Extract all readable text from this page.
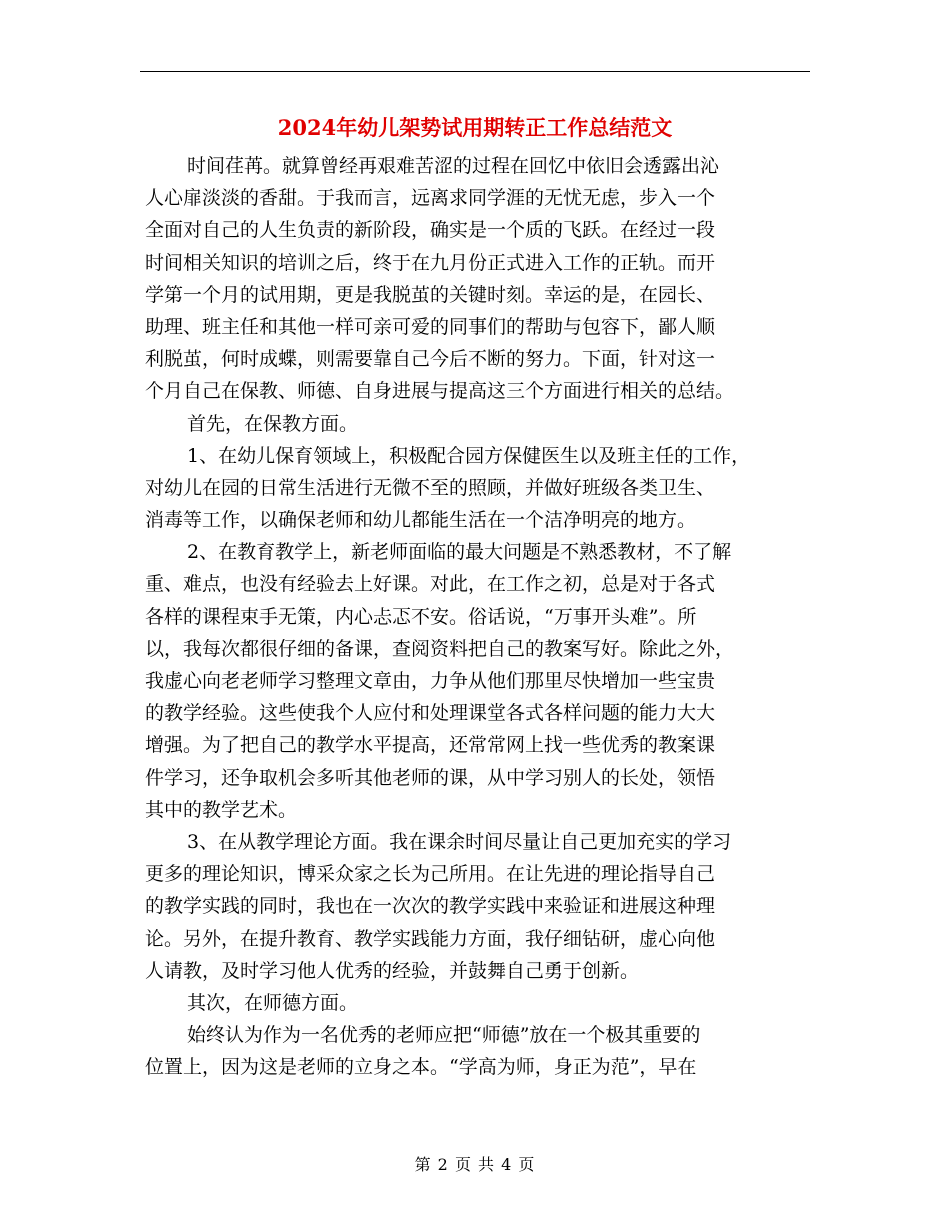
2024年幼儿架势试用期转正工作总结范文
时间荏苒。就算曾经再艰难苦涩的过程在回忆中依旧会透露出沁
人心扉淡淡的香甜。于我而言，远离求同学涯的无忧无虑，步入一个
全面对自己的人生负责的新阶段，确实是一个质的飞跃。在经过一段
时间相关知识的培训之后，终于在九月份正式进入工作的正轨。而开
学第一个月的试用期，更是我脱茧的关键时刻。幸运的是，在园长、
助理、班主任和其他一样可亲可爱的同事们的帮助与包容下，鄙人顺
利脱茧，何时成蝶，则需要靠自己今后不断的努力。下面，针对这一
个月自己在保教、师德、自身进展与提高这三个方面进行相关的总结。
首先，在保教方面。
1、在幼儿保育领域上，积极配合园方保健医生以及班主任的工作，
对幼儿在园的日常生活进行无微不至的照顾，并做好班级各类卫生、
消毒等工作，以确保老师和幼儿都能生活在一个洁净明亮的地方。
2、在教育教学上，新老师面临的最大问题是不熟悉教材，不了解
重、难点，也没有经验去上好课。对此，在工作之初，总是对于各式
各样的课程束手无策，内心忐忑不安。俗话说，“万事开头难”。所
以，我每次都很仔细的备课，查阅资料把自己的教案写好。除此之外，
我虚心向老老师学习整理文章由，力争从他们那里尽快增加一些宝贵
的教学经验。这些使我个人应付和处理课堂各式各样问题的能力大大
增强。为了把自己的教学水平提高，还常常网上找一些优秀的教案课
件学习，还争取机会多听其他老师的课，从中学习别人的长处，领悟
其中的教学艺术。
3、在从教学理论方面。我在课余时间尽量让自己更加充实的学习
更多的理论知识，博采众家之长为己所用。在让先进的理论指导自己
的教学实践的同时，我也在一次次的教学实践中来验证和进展这种理
论。另外，在提升教育、教学实践能力方面，我仔细钻研，虚心向他
人请教，及时学习他人优秀的经验，并鼓舞自己勇于创新。
其次，在师德方面。
始终认为作为一名优秀的老师应把“师德”放在一个极其重要的
位置上，因为这是老师的立身之本。“学高为师，身正为范”，早在
第 2 页 共 4 页
